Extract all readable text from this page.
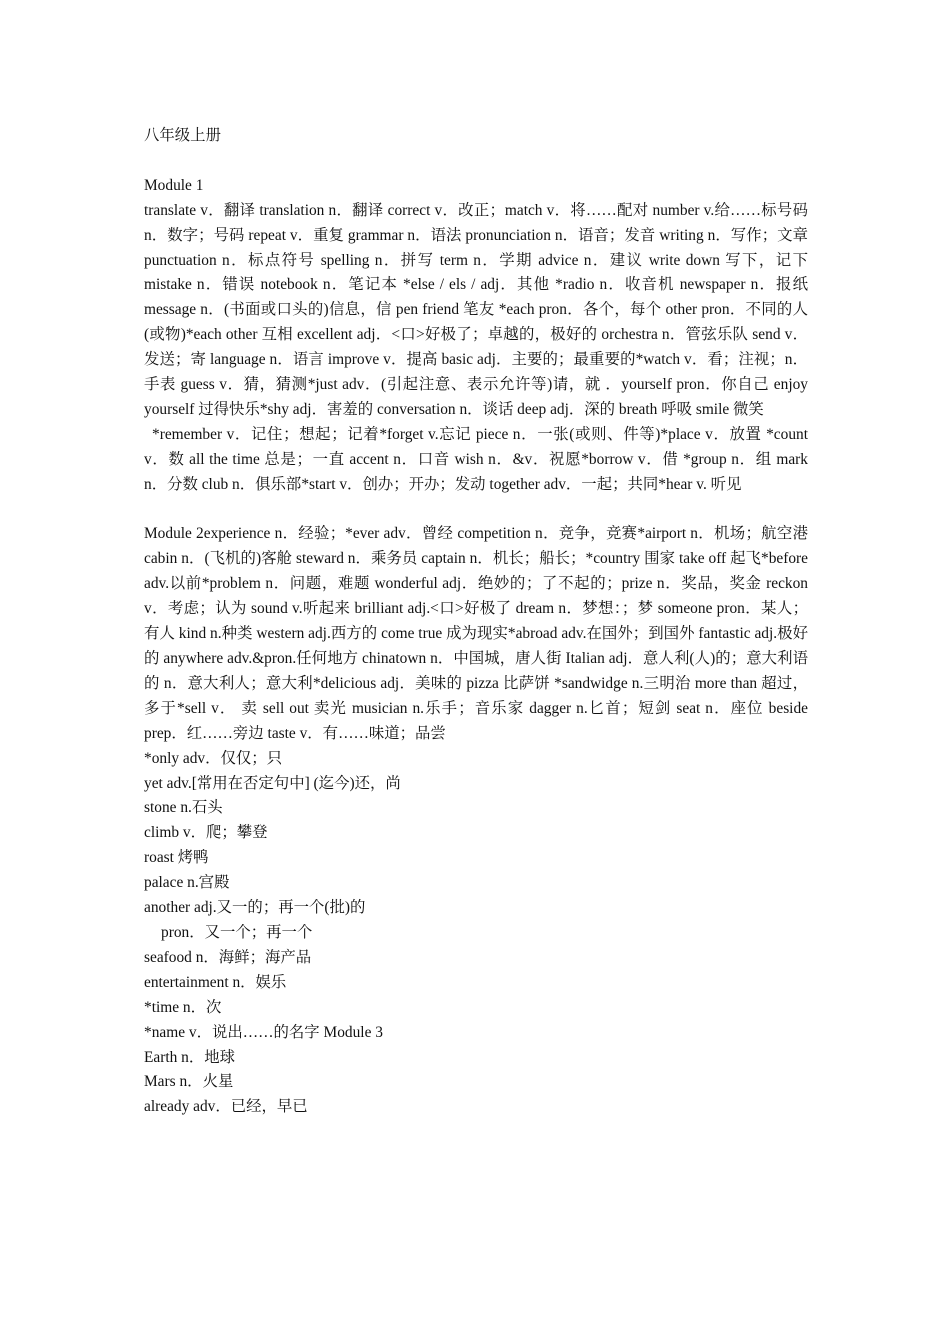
八年级上册

Module 1

translate v．翻译 translation n．翻译 correct v．改正；match v．将……配对 number v.给……标号码 n．数字；号码 repeat v．重复 grammar n．语法 pronunciation n．语音；发音 writing n．写作；文章 punctuation n．标点符号 spelling n．拼写 term n．学期 advice n．建议 write down 写下，记下 mistake n．错误 notebook n．笔记本 *else / els / adj．其他 *radio n．收音机 newspaper n．报纸 message n．(书面或口头的)信息，信 pen friend 笔友 *each pron．各个，每个 other pron．不同的人(或物)*each other 互相 excellent adj．<口>好极了；卓越的，极好的 orchestra n．管弦乐队 send v．发送；寄 language n．语言 improve v．提高 basic adj．主要的；最重要的*watch v．看；注视；n．手表 guess v．猜，猜测*just adv．(引起注意、表示允许等)请，就 ．yourself pron．你自己 enjoy yourself 过得快乐*shy adj．害羞的 conversation n．谈话 deep adj．深的 breath 呼吸 smile 微笑

*remember v．记住；想起；记着*forget v.忘记 piece n．一张(或则、件等)*place v．放置 *count v．数 all the time 总是；一直 accent n．口音 wish n．&v．祝愿*borrow v．借 *group n．组 mark n．分数 club n．俱乐部*start v．创办；开办；发动 together adv．一起；共同*hear v. 听见

Module 2experience n．经验；*ever adv．曾经 competition n．竞争，竞赛*airport n．机场；航空港 cabin n．(飞机的)客舱 steward n．乘务员 captain n．机长；船长；*country 围家 take off 起飞*before adv.以前*problem n．问题，难题 wonderful adj．绝妙的；了不起的；prize n．奖品，奖金 reckon v．考虑；认为 sound v.听起来 brilliant adj.<口>好极了 dream n．梦想：；梦 someone pron．某人；有人 kind n.种类 western adj.西方的 come true 成为现实*abroad adv.在国外；到国外 fantastic adj.极好的 anywhere adv.&pron.任何地方 chinatown n．中国城，唐人街 Italian adj．意人利(人)的；意大利语的 n．意大利人；意大利*delicious adj．美味的 pizza 比萨饼 *sandwidge n.三明治 more than 超过，多于*sell v． 卖 sell out 卖光 musician n.乐手；音乐家 dagger n.匕首；短剑 seat n．座位 beside prep．红……旁边 taste v．有……味道；品尝

*only adv．仅仅；只
yet adv.[常用在否定句中] (迄今)还，尚
stone n.石头
climb v．爬；攀登
roast 烤鸭
palace n.宫殿
another adj.又一的；再一个(批)的
pron．又一个；再一个
seafood n．海鲜；海产品
entertainment n．娱乐
*time n．次
*name v．说出……的名字 Module 3
Earth n．地球
Mars n．火星
already adv．已经，早已
